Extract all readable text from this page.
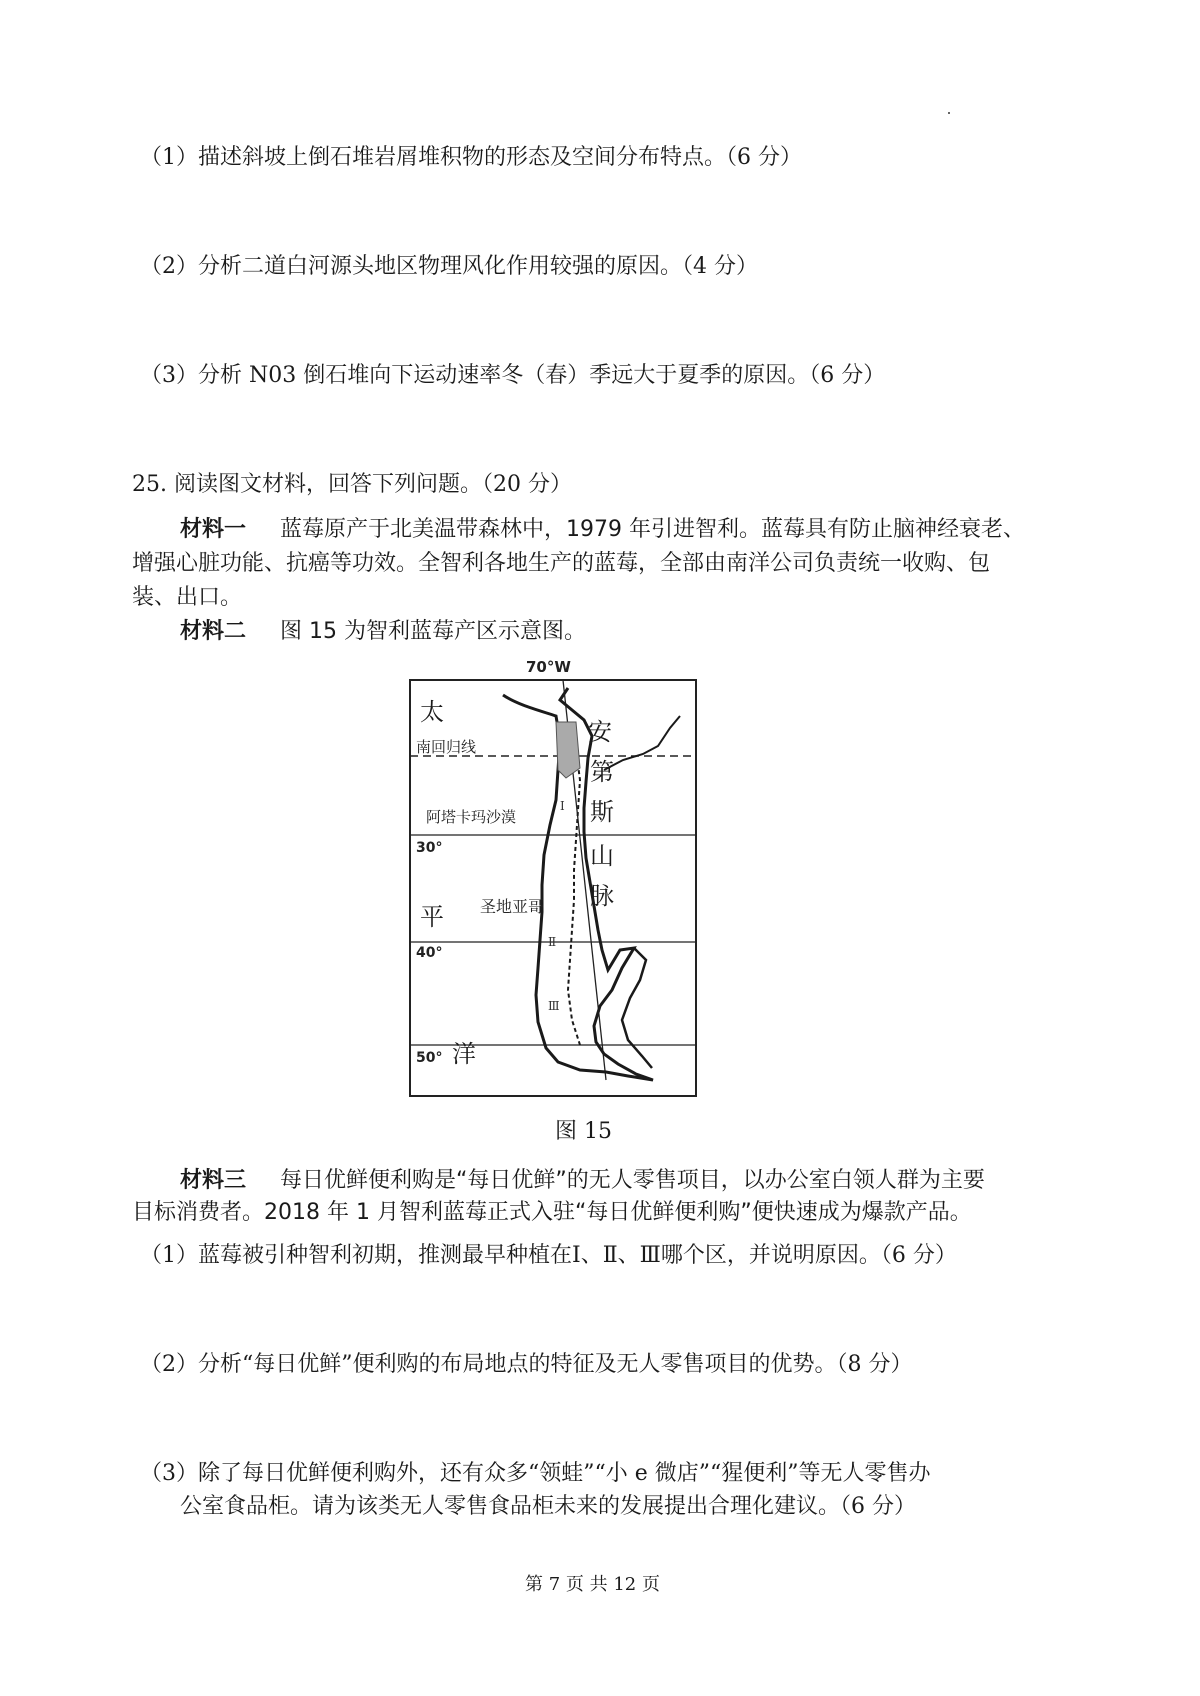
（1）描述斜坡上倒石堆岩屑堆积物的形态及空间分布特点。（6 分）
（2）分析二道白河源头地区物理风化作用较强的原因。（4 分）
（3）分析 N03 倒石堆向下运动速率冬（春）季远大于夏季的原因。（6 分）
25. 阅读图文材料，回答下列问题。（20 分）
材料一 蓝莓原产于北美温带森林中，1979 年引进智利。蓝莓具有防止脑神经衰老、
增强心脏功能、抗癌等功效。全智利各地生产的蓝莓，全部由南洋公司负责统一收购、包
装、出口。
材料二 图 15 为智利蓝莓产区示意图。
70°W
南回归线
阿塔卡玛沙漠
30°
40°
50°
圣地亚哥
太
平
洋
安
第
斯
山
脉
Ⅰ
Ⅱ
Ⅲ
图 15
材料三 每日优鲜便利购是“每日优鲜”的无人零售项目，以办公室白领人群为主要
目标消费者。2018 年 1 月智利蓝莓正式入驻“每日优鲜便利购”便快速成为爆款产品。
（1）蓝莓被引种智利初期，推测最早种植在Ⅰ、Ⅱ、Ⅲ哪个区，并说明原因。（6 分）
（2）分析“每日优鲜”便利购的布局地点的特征及无人零售项目的优势。（8 分）
（3）除了每日优鲜便利购外，还有众多“领蛙”“小 e 微店”“猩便利”等无人零售办
公室食品柜。请为该类无人零售食品柜未来的发展提出合理化建议。（6 分）
第 7 页 共 12 页
